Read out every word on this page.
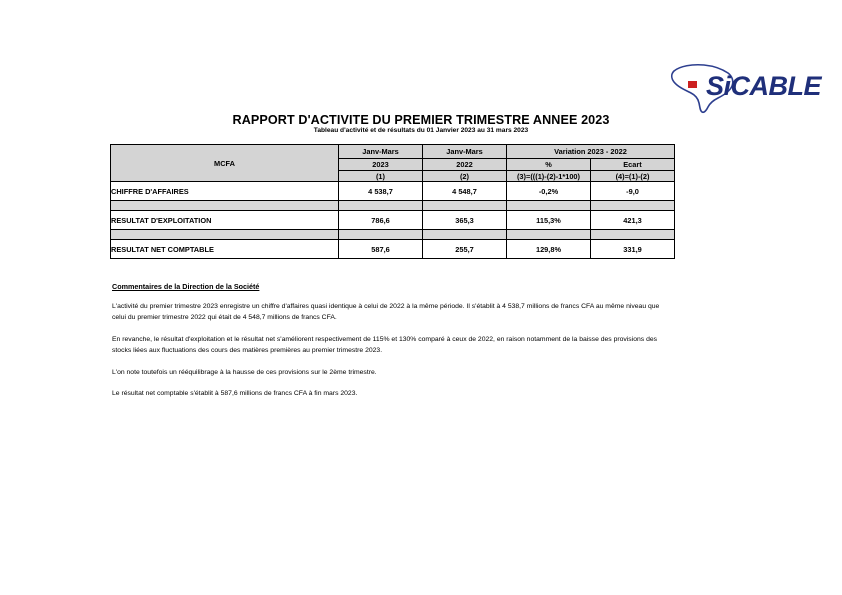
SiCABLE
RAPPORT D'ACTIVITE DU PREMIER TRIMESTRE ANNEE 2023
Tableau d'activité et de résultats du 01 Janvier 2023 au 31 mars 2023
MCFA	Janv-Mars	Janv-Mars	Variation 2023 - 2022	
	2023	2022	%	Ecart
	(1)	(2)	(3)=(((1)-(2)-1*100)	(4)=(1)-(2)
CHIFFRE D'AFFAIRES	4 538,7	4 548,7	-0,2%	-9,0

RESULTAT D'EXPLOITATION	786,6	365,3	115,3%	421,3

RESULTAT NET COMPTABLE	587,6	255,7	129,8%	331,9
Commentaires de la Direction de la Société
L'activité du premier trimestre 2023 enregistre un chiffre d'affaires quasi identique à celui de 2022 à la même période. Il s'établit à 4 538,7 millions de francs CFA au même niveau que celui du premier trimestre 2022 qui était de 4 548,7 millions de francs CFA.
En revanche, le résultat d'exploitation et le résultat net s'améliorent respectivement de 115% et 130% comparé à ceux de 2022, en raison notamment de la baisse des provisions des stocks liées aux fluctuations des cours des matières premières au premier trimestre 2023.
L'on note toutefois un rééquilibrage à la hausse de ces provisions sur le 2ème trimestre.
Le résultat net comptable s'établit à 587,6 millions de francs CFA à fin mars 2023.
